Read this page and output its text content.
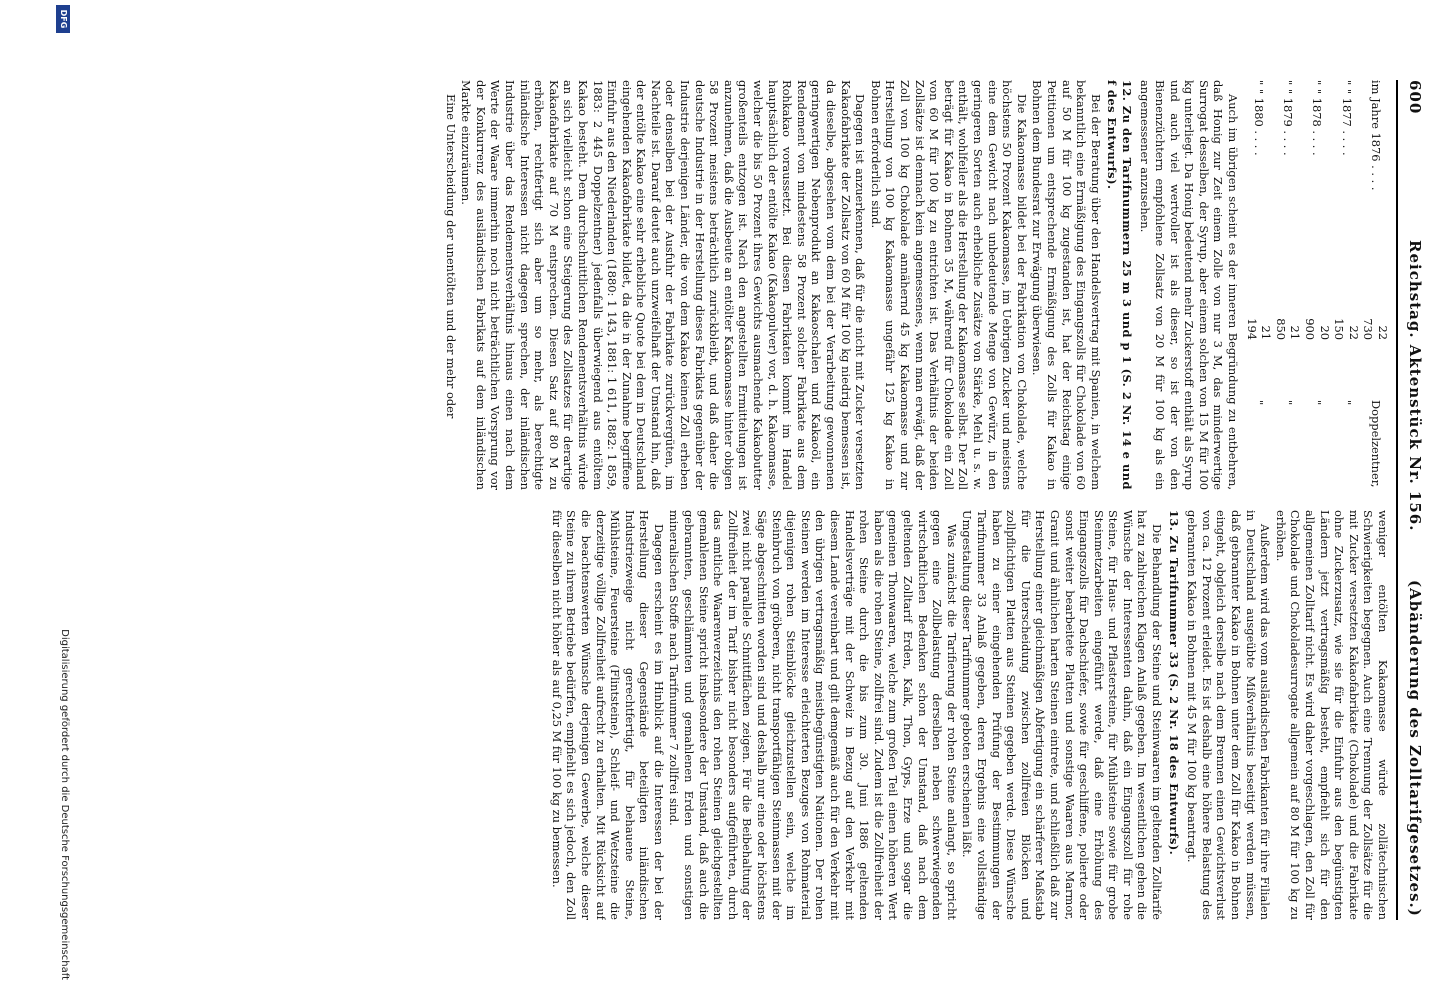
600
Reichstag. Aktenstück Nr. 156.
(Abänderung des Zolltarifgesetzes.)
im Jahre 1876 . . . .	22 730	Doppelzentner,
" " 1877 . . . .	22 150	"
" " 1878 . . . .	20 900	"
" " 1879 . . . .	21 850	"
" " 1880 . . . .	21 194	"

Auch im übrigen scheint es der inneren Begründung zu entbehren, daß Honig zur Zeit einem Zolle von nur 3 M, das minderwertige Surrogat desselben, der Syrup, aber einem solchen von 15 M für 100 kg unterliegt. Da Honig bedeutend mehr Zuckerstoff enthält als Syrup und auch viel wertvoller ist als dieser, so ist der von den Bienenzüchtern empfohlene Zollsatz von 20 M für 100 kg als ein angemessener anzusehen.

12. Zu den Tarifnummern 25 m 3 und p 1 (S. 2 Nr. 14 e und f des Entwurfs).

Bei der Beratung über den Handelsvertrag mit Spanien, in welchem bekanntlich eine Ermäßigung des Eingangszolls für Chokolade von 60 auf 50 M für 100 kg zugestanden ist, hat der Reichstag einige Petitionen um entsprechende Ermäßigung des Zolls für Kakao in Bohnen dem Bundesrat zur Erwägung überwiesen.

Die Kakaomasse bildet bei der Fabrikation von Chokolade, welche höchstens 50 Prozent Kakaomasse, im Uebrigen Zucker und meistens eine dem Gewicht nach unbedeutende Menge von Gewürz, in den geringeren Sorten auch erhebliche Zusätze von Stärke, Mehl u. s. w. enthält, wohlfeiler als die Herstellung der Kakaomasse selbst. Der Zoll beträgt für Kakao in Bohnen 35 M, während für Chokolade ein Zoll von 60 M für 100 kg zu entrichten ist. Das Verhältnis der beiden Zollsätze ist demnach kein angemessenes, wenn man erwägt, daß der Zoll von 100 kg Chokolade annähernd 45 kg Kakaomasse und zur Herstellung von 100 kg Kakaomasse ungefähr 125 kg Kakao in Bohnen erforderlich sind.

Dagegen ist anzuerkennen, daß für die nicht mit Zucker versetzten Kakaofabrikate der Zollsatz von 60 M für 100 kg niedrig bemessen ist, da dieselbe, abgesehen vom dem bei der Verarbeitung gewonnenen geringwertigen Nebenprodukt an Kakaoschalen und Kakaoöl, ein Rendement von mindestens 58 Prozent solcher Fabrikate aus dem Rohkakao voraussetzt. Bei diesen Fabrikaten kommt im Handel hauptsächlich der entölte Kakao (Kakaopulver) vor, d. h. Kakaomasse, welcher die bis 50 Prozent ihres Gewichts ausmachende Kakaobutter großenteils entzogen ist. Nach den angestellten Ermittelungen ist anzunehmen, daß die Ausbeute an entölter Kakaomasse hinter obigen 58 Prozent meistens beträchtlich zurückbleibt, und daß daher die deutsche Industrie in der Herstellung dieses Fabrikats gegenüber der Industrie derjenigen Länder, die von dem Kakao keinen Zoll erheben oder denselben bei der Ausfuhr der Fabrikate zurückvergüten, im Nachteile ist. Darauf deutet auch unzweifelhaft der Umstand hin, daß der entölte Kakao eine sehr erhebliche Quote bei dem in Deutschland eingehenden Kakaofabrikate bildet, da die in der Zunahme begriffene Einfuhr aus den Niederlanden (1880: 1 143, 1881: 1 611, 1882: 1 859, 1883: 2 445 Doppelzentner) jedenfalls überwiegend aus entöltem Kakao besteht. Dem durchschnittlichen Rendementsverhältnis würde an sich vielleicht schon eine Steigerung des Zollsatzes für derartige Kakaofabrikate auf 70 M entsprechen. Diesen Satz auf 80 M zu erhöhen, rechtfertigt sich aber um so mehr, als berechtigte inländische Interessen nicht dagegen sprechen, der inländischen Industrie über das Rendementsverhältnis hinaus einen nach dem Werte der Waare immerhin noch nicht beträchtlichen Vorsprung vor der Konkurrenz des ausländischen Fabrikats auf dem inländischen Markte einzuräumen.

Eine Unterscheidung der unentölten und der mehr oder

weniger entölten Kakaomasse würde zollätechnischen Schwierigkeiten begegnen. Auch eine Trennung der Zollsätze für die mit Zucker versetzten Kakaofabrikate (Chokolade) und die Fabrikate ohne Zuckerzusatz, wie sie für die Einfuhr aus den begünstigten Ländern jetzt vertragsmäßig besteht, empfiehlt sich für den allgemeinen Zolltarif nicht. Es wird daher vorgeschlagen, den Zoll für Chokolade und Chokoladesurrogate allgemein auf 80 M für 100 kg zu erhöhen.

Außerdem wird das vom ausländischen Fabrikanten für ihre Filialen in Deutschland ausgeübte Mißverhältnis beseitigt werden müssen, daß gebrannter Kakao in Bohnen unter dem Zoll für Kakao in Bohnen eingeht, obgleich derselbe nach dem Brennen einen Gewichtsverlust von ca. 12 Prozent erleidet. Es ist deshalb eine höhere Belastung des gebrannten Kakao in Bohnen mit 45 M für 100 kg beantragt.

13. Zu Tarifnummer 33 (S. 2 Nr. 18 des Entwurfs).

Die Behandlung der Steine und Steinwaaren im geltenden Zolltarife hat zu zahlreichen Klagen Anlaß gegeben. Im wesentlichen gehen die Wünsche der Interessenten dahin, daß ein Eingangszoll für rohe Steine, für Haus- und Pflastersteine, für Mühlsteine sowie für grobe Steinmetzarbeiten eingeführt werde, daß eine Erhöhung des Eingangszolls für Dachschiefer, sowie für geschliffene, polierte oder sonst weiter bearbeitete Platten und sonstige Waaren aus Marmor, Granit und ähnlichen harten Steinen eintrete, und schließlich daß zur Herstellung einer gleichmäßigen Abfertigung ein schärferer Maßstab für die Unterscheidung zwischen zollfreien Blöcken und zollpflichtigen Platten aus Steinen gegeben werde. Diese Wünsche haben zu einer eingehenden Prüfung der Bestimmungen der Tarifnummer 33 Anlaß gegeben, deren Ergebnis eine vollständige Umgestaltung dieser Tarifnummer geboten erscheinen läßt.

Was zunächst die Tarifierung der rohen Steine anlangt, so spricht gegen eine Zollbelastung derselben neben schwerwiegenden wirtschaftlichen Bedenken schon der Umstand, daß nach dem geltenden Zolltarif Erden, Kalk, Thon, Gyps, Erze und sogar die gemeinen Thonwaaren, welche zum großen Teil einen höheren Wert haben als die rohen Steine, zollfrei sind. Zudem ist die Zollfreiheit der rohen Steine durch die bis zum 30. Juni 1886 geltenden Handelsverträge mit der Schweiz in Bezug auf den Verkehr mit diesem Lande vereinbart und gilt demgemäß auch für den Verkehr mit den übrigen vertragsmäßig meistbegünstigten Nationen. Der rohen Steinen werden im Interesse erleichterten Bezuges von Rohmaterial diejenigen rohen Steinblöcke gleichzustellen sein, welche im Steinbruch von gröberen, nicht transportfähigen Steinmassen mit der Säge abgeschnitten worden sind und deshalb nur eine oder höchstens zwei nicht parallele Schnittflächen zeigen. Für die Beibehaltung der Zollfreiheit der im Tarif bisher nicht besonders aufgeführten, durch das amtliche Waarenverzeichnis den rohen Steinen gleichgestellten gemahlenen Steine spricht insbesondere der Umstand, daß auch die gebrannten, geschlämmten und gemahlenen Erden und sonstigen mineralischen Stoffe nach Tarifnummer 7 zollfrei sind.

Dagegen erscheint es im Hinblick auf die Interessen der bei der Herstellung dieser Gegenstände beteiligten inländischen Industriezweige nicht gerechtfertigt, für behauene Steine, Mühlsteine, Feuersteine (Flintsteine), Schleif- und Wetzsteine die derzeitige völlige Zollfreiheit aufrecht zu erhalten. Mit Rücksicht auf die beachtenswerten Wünsche derjenigen Gewerbe, welche dieser Steine zu ihrem Betriebe bedürfen, empfiehlt es sich jedoch, den Zoll für dieselben nicht höher als auf 0,25 M für 100 kg zu bemessen.

DFG
Digitalisierung gefördert durch die Deutsche Forschungsgemeinschaft
